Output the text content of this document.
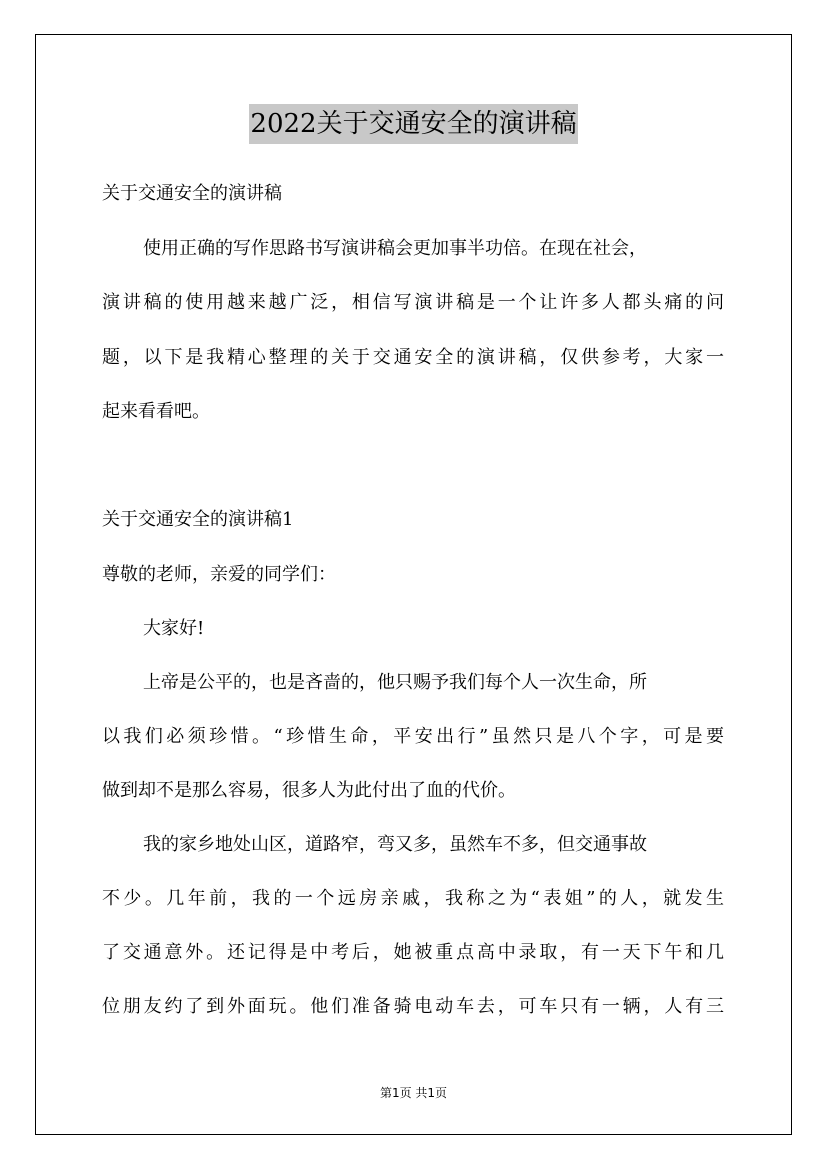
2022关于交通安全的演讲稿
关于交通安全的演讲稿
使用正确的写作思路书写演讲稿会更加事半功倍。在现在社会，
演讲稿的使用越来越广泛，相信写演讲稿是一个让许多人都头痛的问
题，以下是我精心整理的关于交通安全的演讲稿，仅供参考，大家一
起来看看吧。
关于交通安全的演讲稿1
尊敬的老师，亲爱的同学们：
大家好!
上帝是公平的，也是吝啬的，他只赐予我们每个人一次生命，所
以我们必须珍惜。“珍惜生命，平安出行”虽然只是八个字，可是要
做到却不是那么容易，很多人为此付出了血的代价。
我的家乡地处山区，道路窄，弯又多，虽然车不多，但交通事故
不少。几年前，我的一个远房亲戚，我称之为“表姐”的人，就发生
了交通意外。还记得是中考后，她被重点高中录取，有一天下午和几
位朋友约了到外面玩。他们准备骑电动车去，可车只有一辆，人有三
第1页 共1页
